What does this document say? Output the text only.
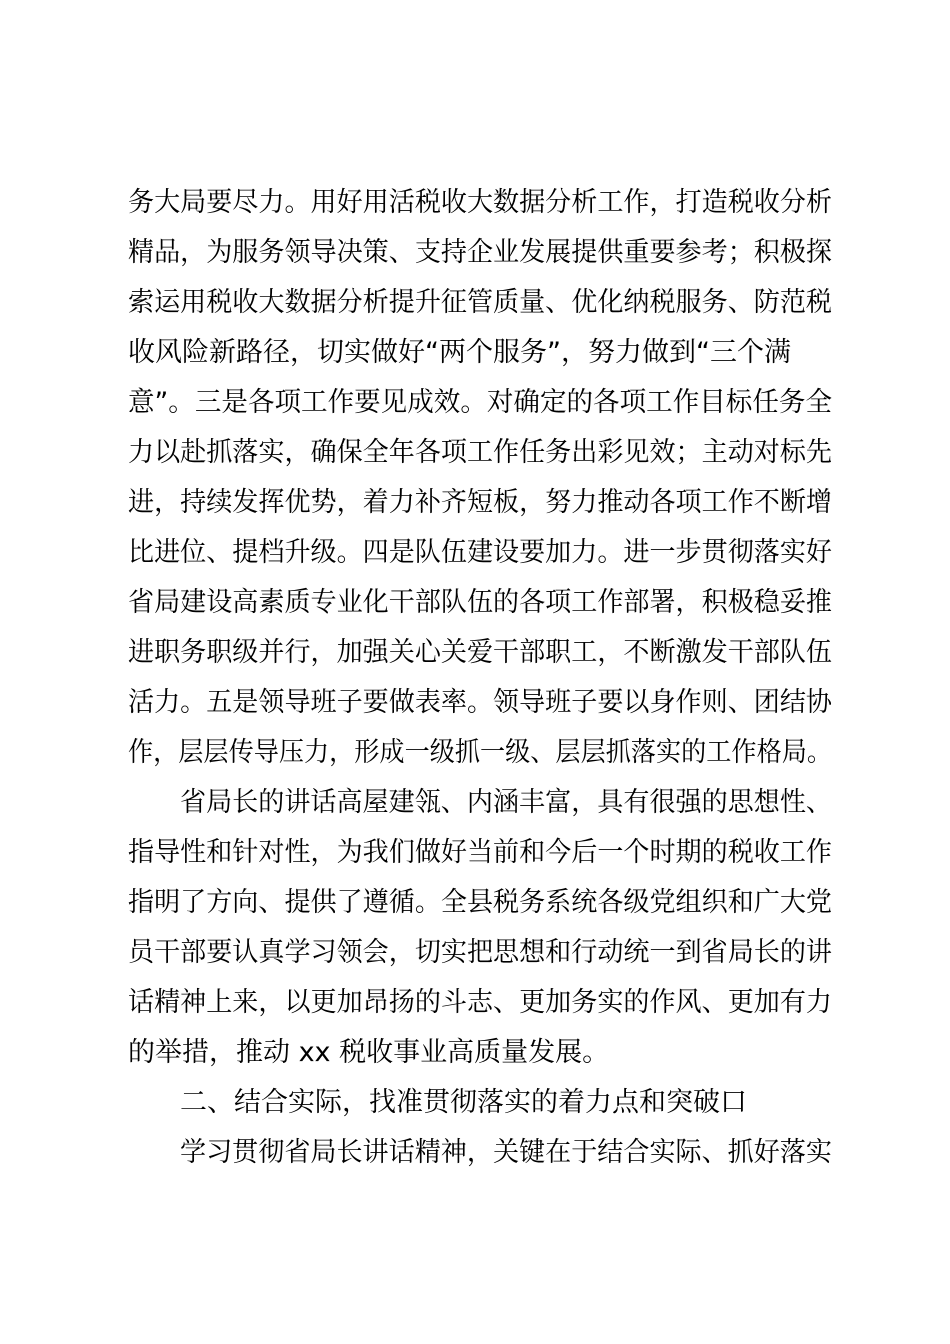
务大局要尽力。用好用活税收大数据分析工作，打造税收分析
精品，为服务领导决策、支持企业发展提供重要参考；积极探
索运用税收大数据分析提升征管质量、优化纳税服务、防范税
收风险新路径，切实做好“两个服务”，努力做到“三个满
意”。三是各项工作要见成效。对确定的各项工作目标任务全
力以赴抓落实，确保全年各项工作任务出彩见效；主动对标先
进，持续发挥优势，着力补齐短板，努力推动各项工作不断增
比进位、提档升级。四是队伍建设要加力。进一步贯彻落实好
省局建设高素质专业化干部队伍的各项工作部署，积极稳妥推
进职务职级并行，加强关心关爱干部职工，不断激发干部队伍
活力。五是领导班子要做表率。领导班子要以身作则、团结协
作，层层传导压力，形成一级抓一级、层层抓落实的工作格局。
省局长的讲话高屋建瓴、内涵丰富，具有很强的思想性、
指导性和针对性，为我们做好当前和今后一个时期的税收工作
指明了方向、提供了遵循。全县税务系统各级党组织和广大党
员干部要认真学习领会，切实把思想和行动统一到省局长的讲
话精神上来，以更加昂扬的斗志、更加务实的作风、更加有力
的举措，推动 xx 税收事业高质量发展。
二、结合实际，找准贯彻落实的着力点和突破口
学习贯彻省局长讲话精神，关键在于结合实际、抓好落实
